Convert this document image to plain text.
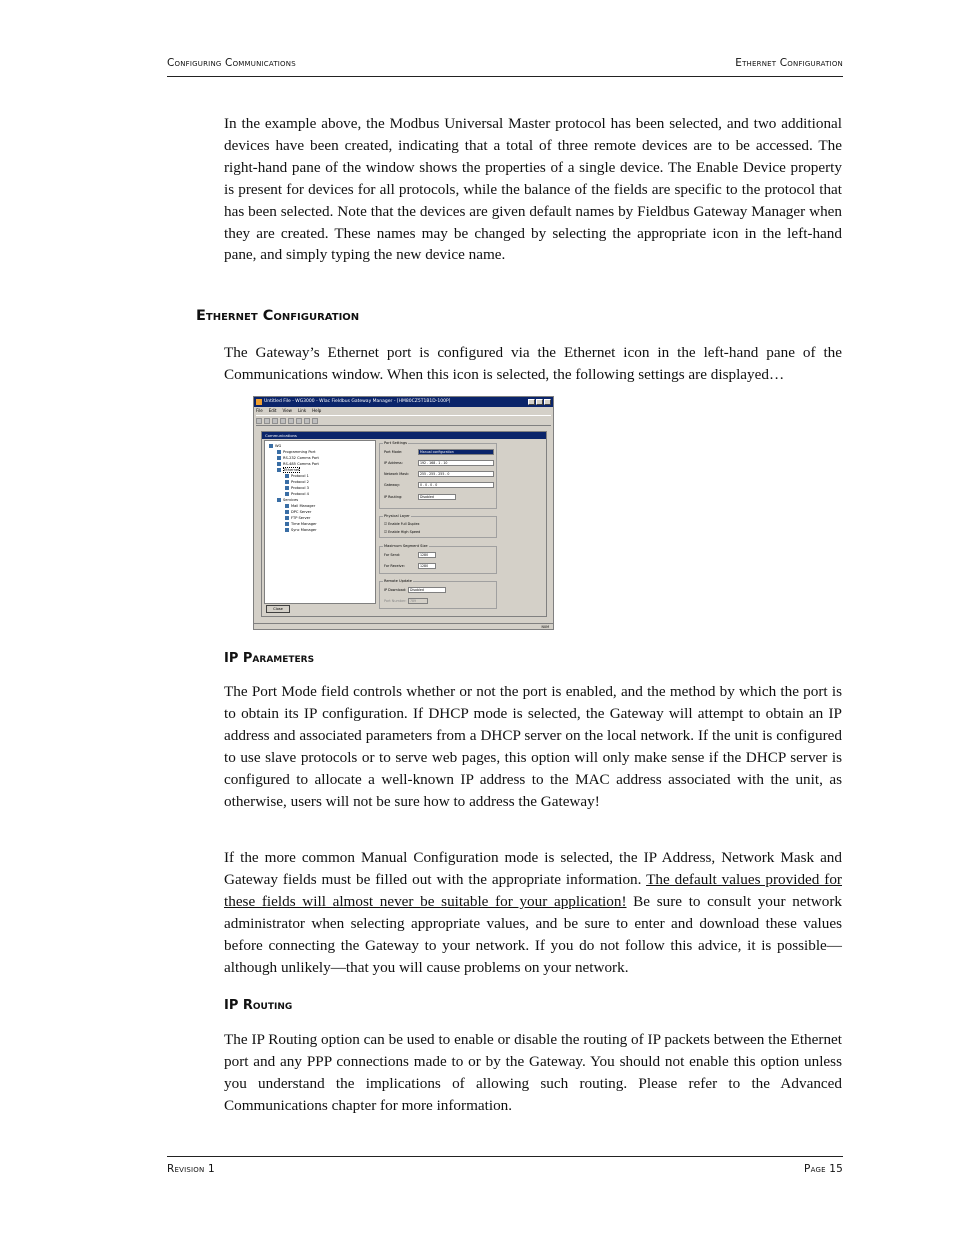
Configuring Communications	Ethernet Configuration

In the example above, the Modbus Universal Master protocol has been selected, and two additional devices have been created, indicating that a total of three remote devices are to be accessed. The right-hand pane of the window shows the properties of a single device. The Enable Device property is present for devices for all protocols, while the balance of the fields are specific to the protocol that has been selected. Note that the devices are given default names by Fieldbus Gateway Manager when they are created. These names may be changed by selecting the appropriate icon in the left-hand pane, and simply typing the new device name.

Ethernet Configuration

The Gateway’s Ethernet port is configured via the Ethernet icon in the left-hand pane of the Communications window. When this icon is selected, the following settings are displayed…

Untitled File - WG3000 - Wlac Fieldbus Gateway Manager - [HM80CZ5T1B1D-100P]
File Edit View Link Help
Communications
WG
Programming Port
RS-232 Comms Port
RS-485 Comms Port
Ethernet
Protocol 1
Protocol 2
Protocol 3
Protocol 4
Services
Mail Manager
DPC Server
FTP Server
Time Manager
Sync Manager
Port Settings
Port Mode:	Manual configuration
IP Address:	192 . 168 . 1 . 10
Network Mask:	255 . 255 . 255 . 0
Gateway:	0 . 0 . 0 . 0
IP Routing:	Disabled
Physical Layer
☑ Enable Full Duplex
☑ Enable High Speed
Maximum Segment Size
For Send:	1280
For Receive:	1280
Remote Update
IP Download:	Disabled
Port Number:	789
Close
NUM
IP Parameters

The Port Mode field controls whether or not the port is enabled, and the method by which the port is to obtain its IP configuration. If DHCP mode is selected, the Gateway will attempt to obtain an IP address and associated parameters from a DHCP server on the local network. If the unit is configured to use slave protocols or to serve web pages, this option will only make sense if the DHCP server is configured to allocate a well-known IP address to the MAC address associated with the unit, as otherwise, users will not be sure how to address the Gateway!

If the more common Manual Configuration mode is selected, the IP Address, Network Mask and Gateway fields must be filled out with the appropriate information. The default values provided for these fields will almost never be suitable for your application! Be sure to consult your network administrator when selecting appropriate values, and be sure to enter and download these values before connecting the Gateway to your network. If you do not follow this advice, it is possible—although unlikely—that you will cause problems on your network.

IP Routing

The IP Routing option can be used to enable or disable the routing of IP packets between the Ethernet port and any PPP connections made to or by the Gateway. You should not enable this option unless you understand the implications of allowing such routing. Please refer to the Advanced Communications chapter for more information.

Revision 1	Page 15
